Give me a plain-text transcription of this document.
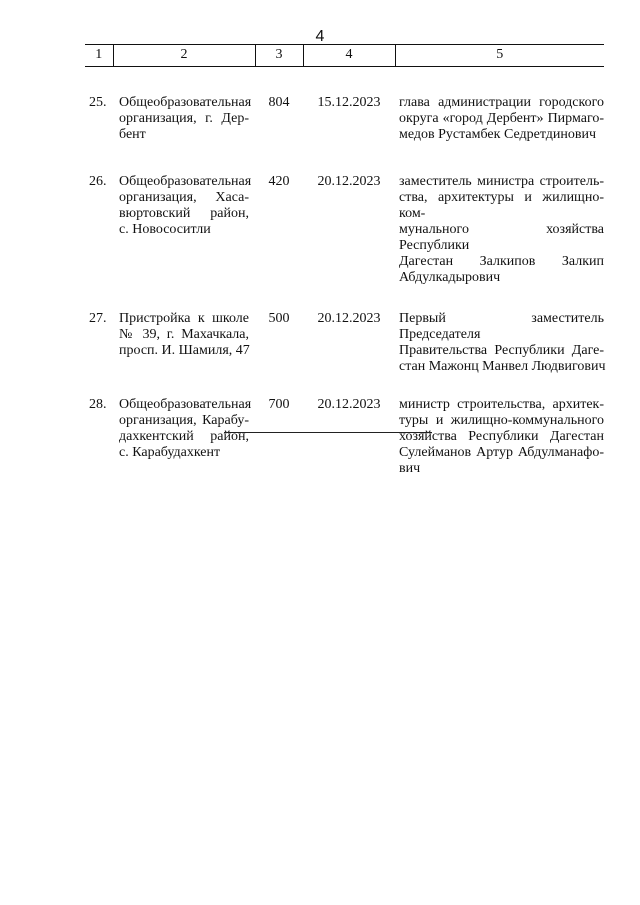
4
1	2	3	4	5
25.	Общеобразовательная
организация, г. Дер-
бент	804	15.12.2023	глава администрации городского
округа «город Дербент» Пирмаго-
медов Рустамбек Седретдинович

26.	Общеобразовательная
организация, Хаса-
вюртовский район,
с. Новососитли	420	20.12.2023	заместитель министра строитель-
ства, архитектуры и жилищно-ком-
мунального хозяйства Республики
Дагестан Залкипов Залкип
Абдулкадырович

27.	Пристройка к школе
№ 39, г. Махачкала,
просп. И. Шамиля, 47	500	20.12.2023	Первый заместитель Председателя
Правительства Республики Даге-
стан Мажонц Манвел Людвигович

28.	Общеобразовательная
организация, Карабу-
дахкентский район,
с. Карабудахкент	700	20.12.2023	министр строительства, архитек-
туры и жилищно-коммунального
хозяйства Республики Дагестан
Сулейманов Артур Абдулманафо-
вич
